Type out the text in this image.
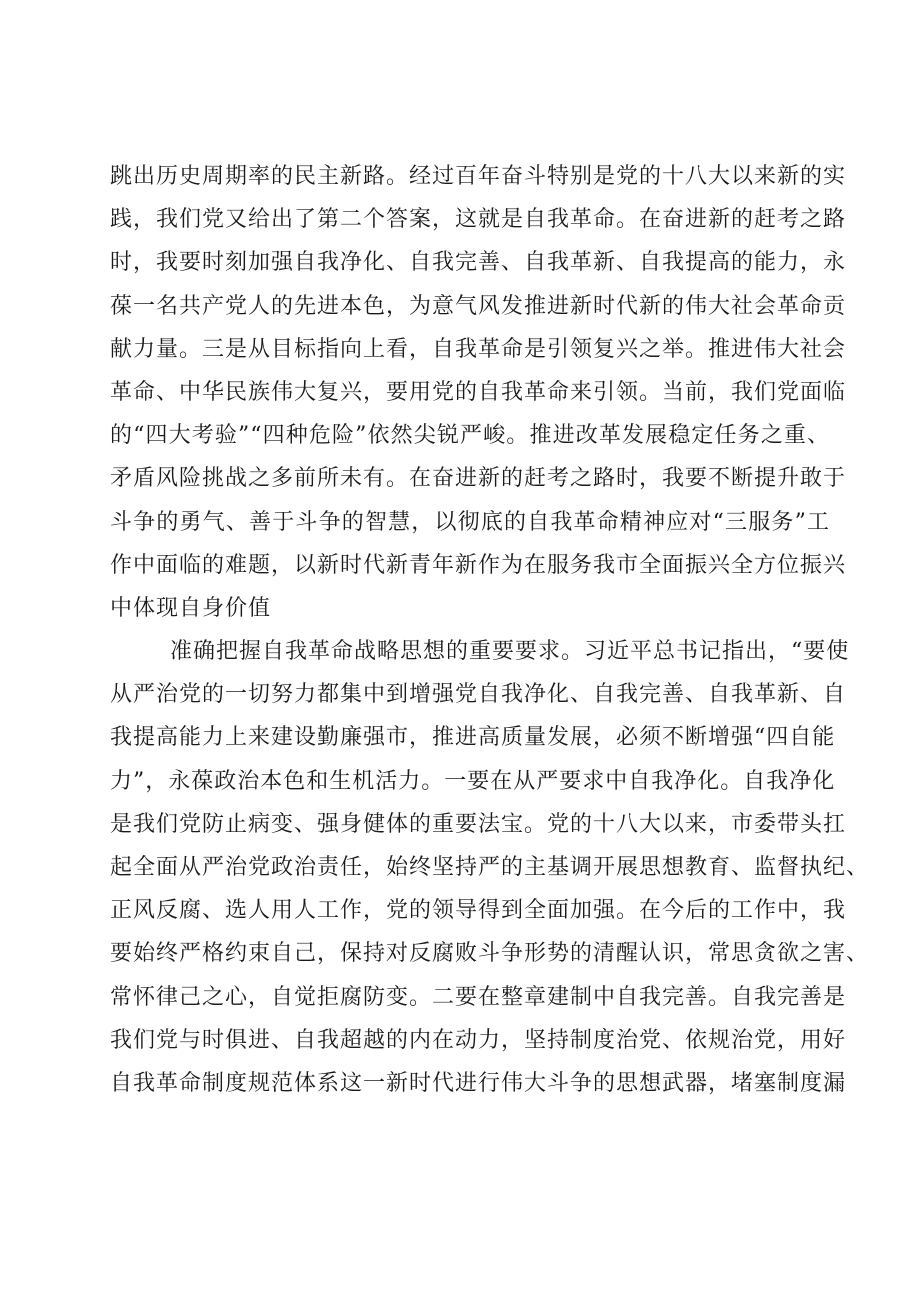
跳出历史周期率的民主新路。经过百年奋斗特别是党的十八大以来新的实
践，我们党又给出了第二个答案，这就是自我革命。在奋进新的赶考之路
时，我要时刻加强自我净化、自我完善、自我革新、自我提高的能力，永
葆一名共产党人的先进本色，为意气风发推进新时代新的伟大社会革命贡
献力量。三是从目标指向上看，自我革命是引领复兴之举。推进伟大社会
革命、中华民族伟大复兴，要用党的自我革命来引领。当前，我们党面临
的“四大考验”“四种危险”依然尖锐严峻。推进改革发展稳定任务之重、
矛盾风险挑战之多前所未有。在奋进新的赶考之路时，我要不断提升敢于
斗争的勇气、善于斗争的智慧，以彻底的自我革命精神应对“三服务”工
作中面临的难题，以新时代新青年新作为在服务我市全面振兴全方位振兴
中体现自身价值
准确把握自我革命战略思想的重要要求。习近平总书记指出，“要使
从严治党的一切努力都集中到增强党自我净化、自我完善、自我革新、自
我提高能力上来建设勤廉强市，推进高质量发展，必须不断增强“四自能
力”，永葆政治本色和生机活力。一要在从严要求中自我净化。自我净化
是我们党防止病变、强身健体的重要法宝。党的十八大以来，市委带头扛
起全面从严治党政治责任，始终坚持严的主基调开展思想教育、监督执纪、
正风反腐、选人用人工作，党的领导得到全面加强。在今后的工作中，我
要始终严格约束自己，保持对反腐败斗争形势的清醒认识，常思贪欲之害、
常怀律己之心，自觉拒腐防变。二要在整章建制中自我完善。自我完善是
我们党与时俱进、自我超越的内在动力，坚持制度治党、依规治党，用好
自我革命制度规范体系这一新时代进行伟大斗争的思想武器，堵塞制度漏
